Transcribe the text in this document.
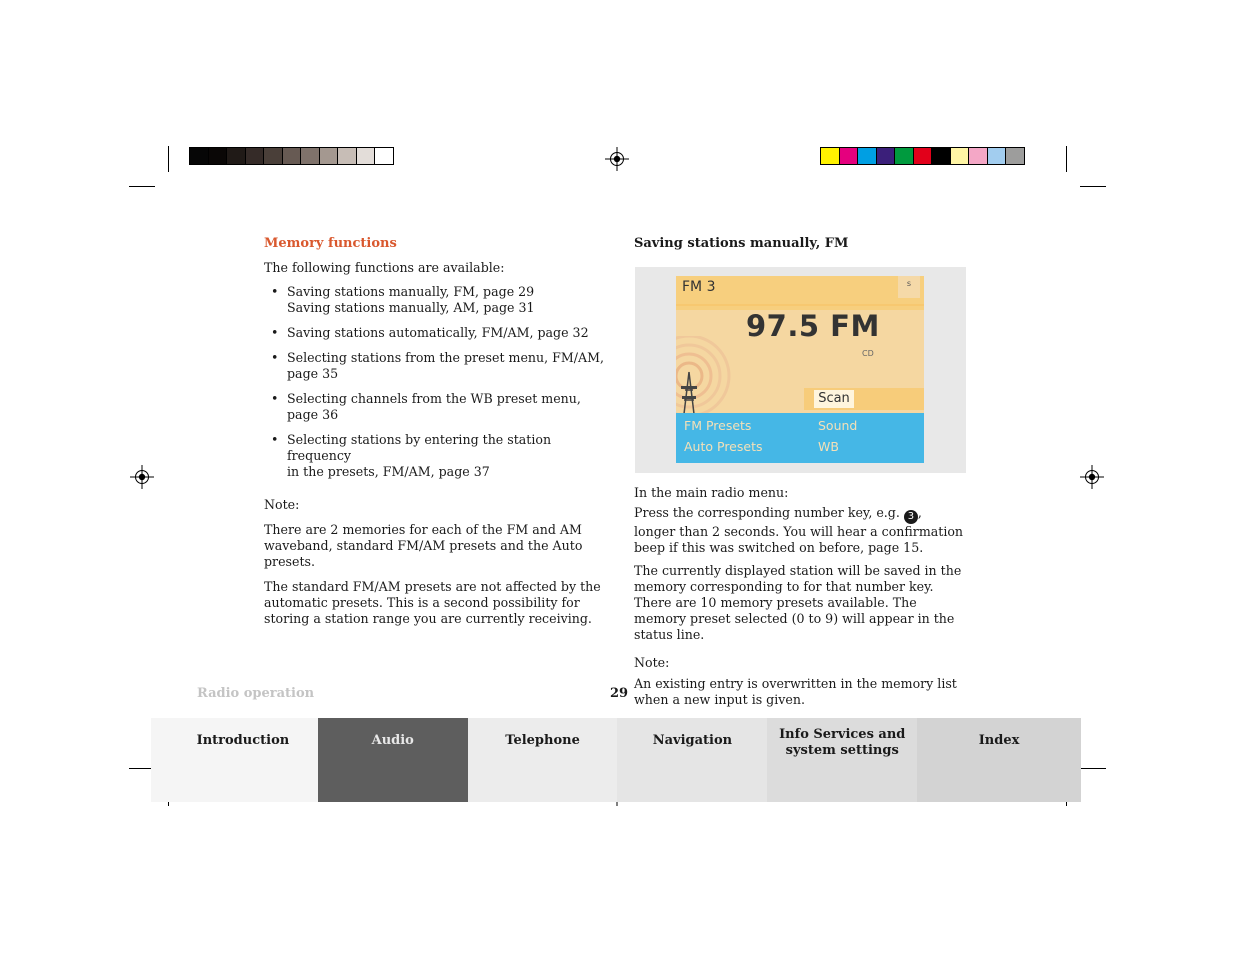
Memory functions

The following functions are available:

• Saving stations manually, FM, page 29
Saving stations manually, AM, page 31
• Saving stations automatically, FM/AM, page 32
• Selecting stations from the preset menu, FM/AM,
page 35
• Selecting channels from the WB preset menu,
page 36
• Selecting stations by entering the station frequency
in the presets, FM/AM, page 37

Note:

There are 2 memories for each of the FM and AM waveband, standard FM/AM presets and the Auto presets.

The standard FM/AM presets are not affected by the automatic presets. This is a second possibility for storing a station range you are currently receiving.

Saving stations manually, FM
FM 3	s
97.5 FM
CD
Scan
FM Presets	Sound
Auto Presets	WB

In the main radio menu:

Press the corresponding number key, e.g. 3 , longer than 2 seconds. You will hear a confirmation beep if this was switched on before, page 15.

The currently displayed station will be saved in the memory corresponding to for that number key. There are 10 memory presets available. The memory preset selected (0 to 9) will appear in the status line.

Note:

An existing entry is overwritten in the memory list when a new input is given.

Radio operation	29
Introduction	Audio	Telephone	Navigation	Info Services and system settings
Index
